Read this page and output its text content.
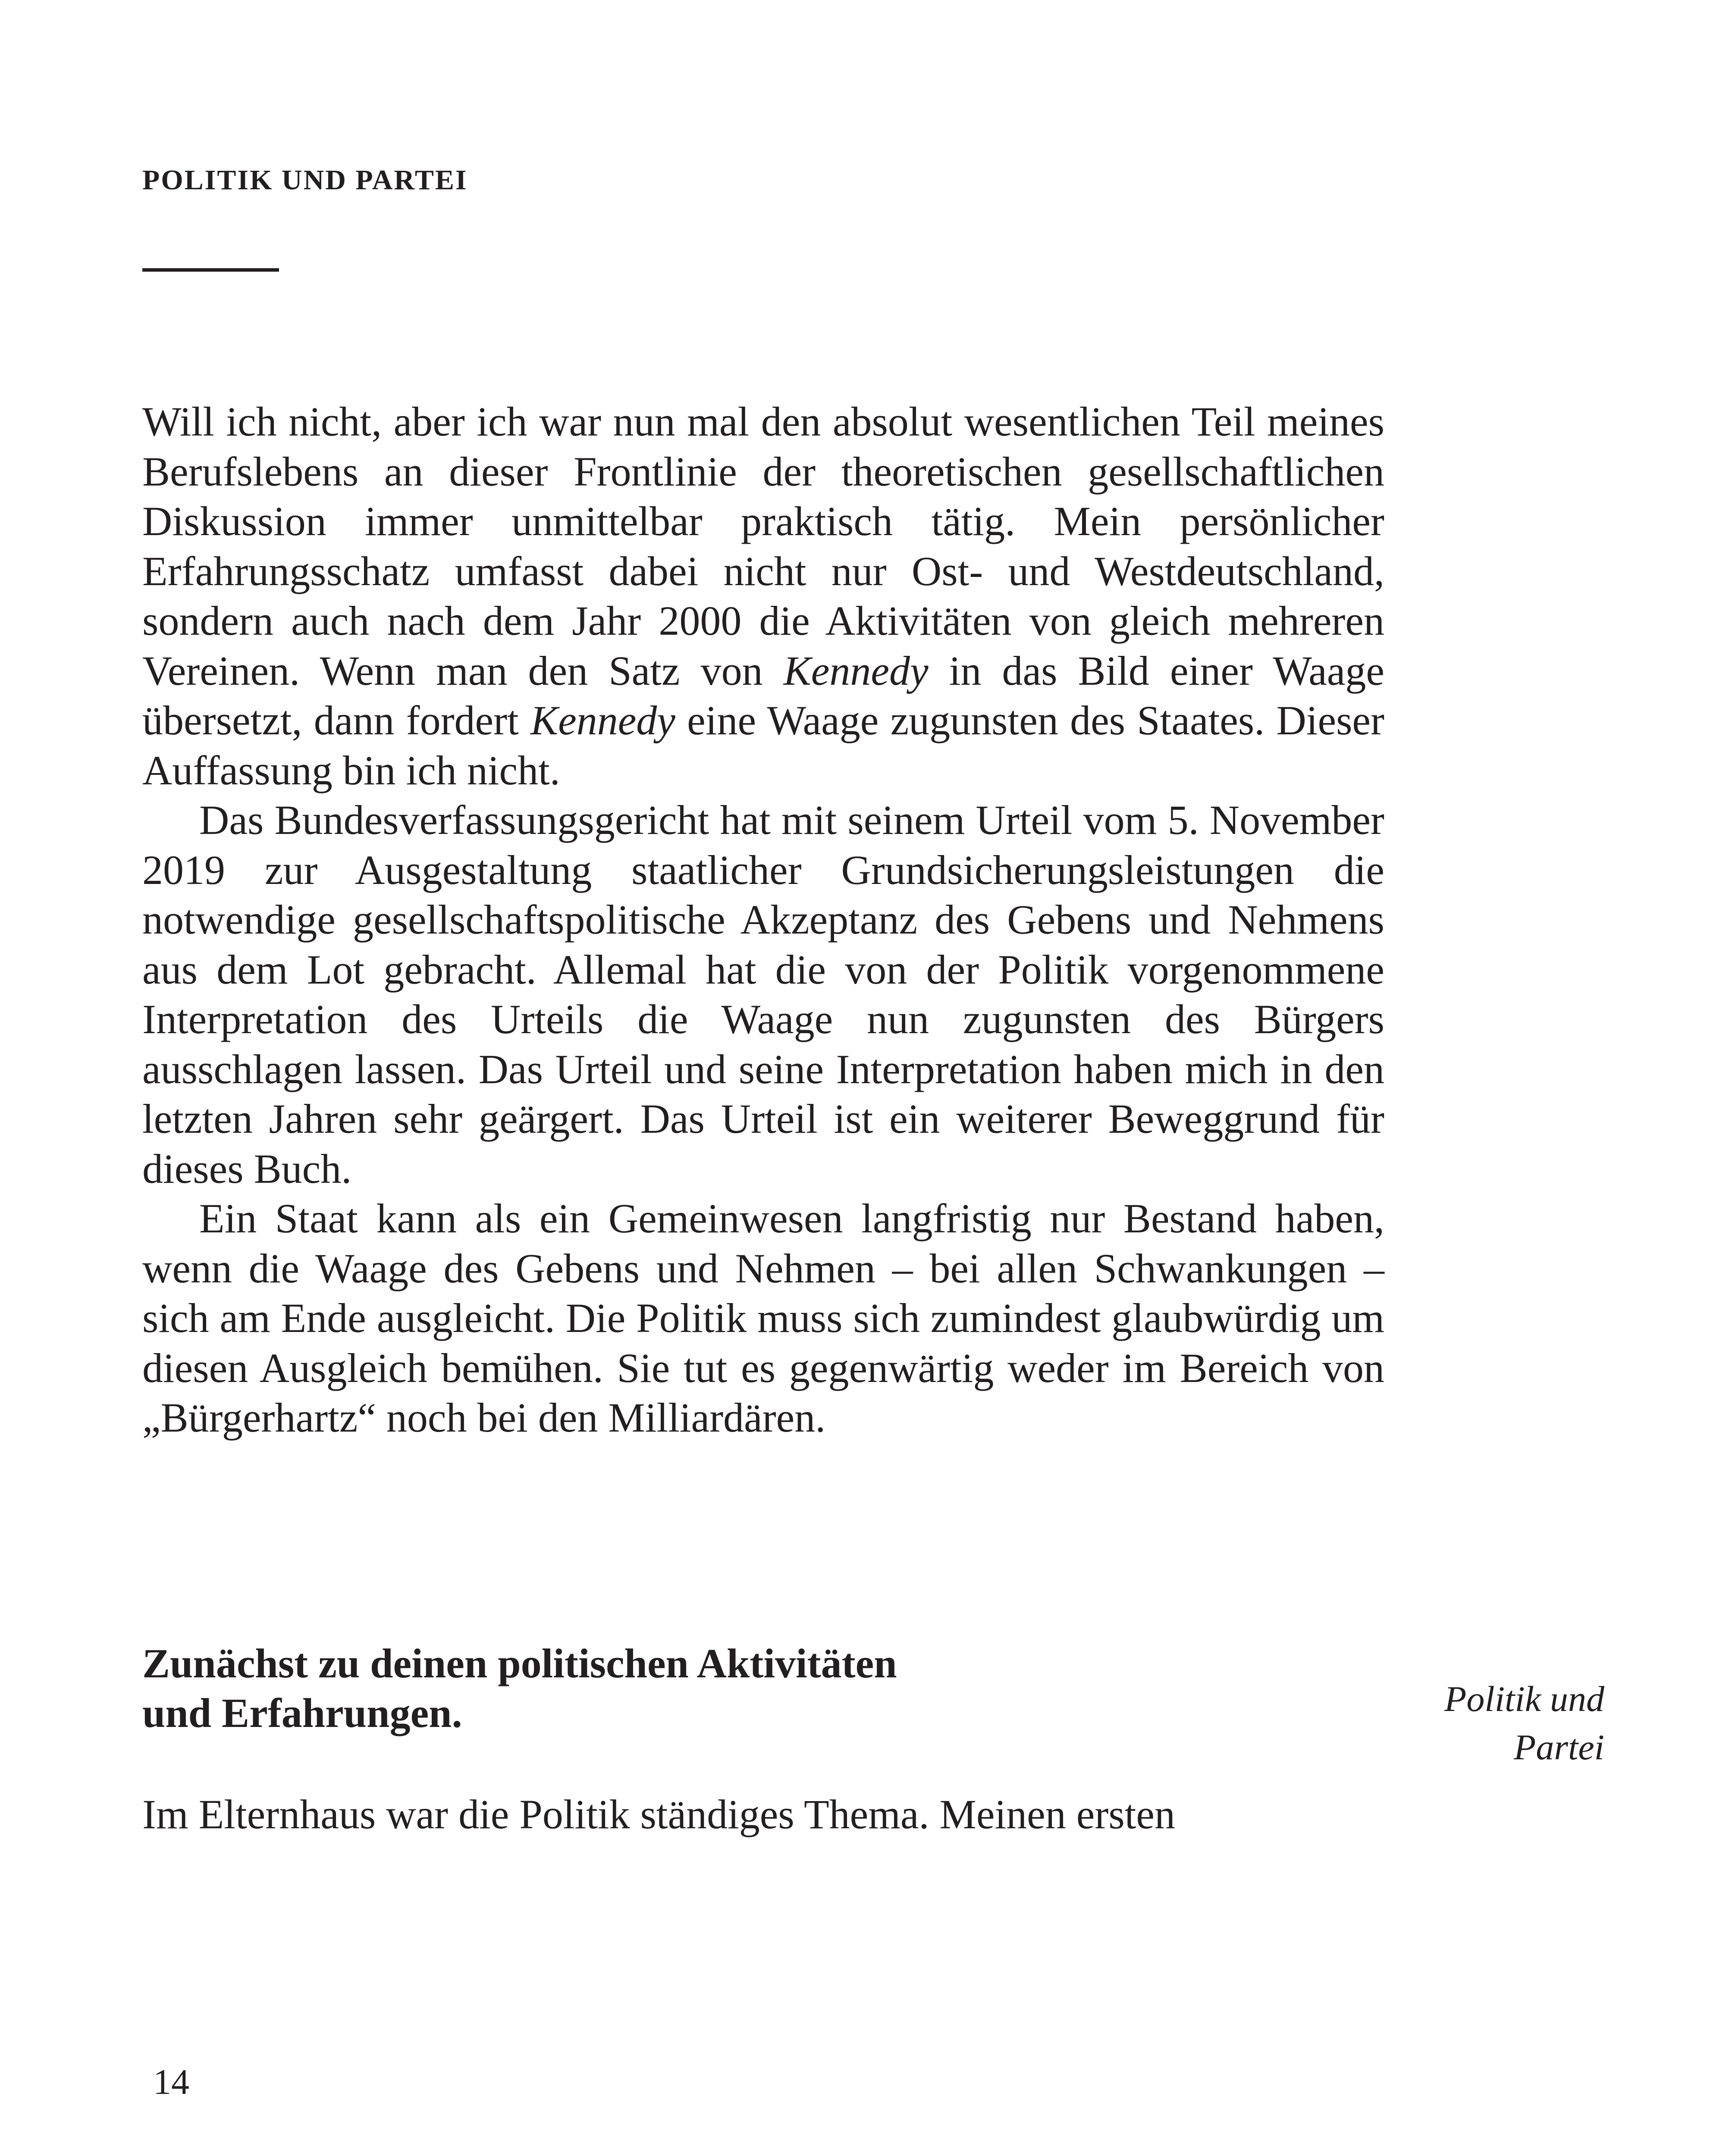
POLITIK UND PARTEI

Will ich nicht, aber ich war nun mal den absolut wesentlichen Teil meines Berufslebens an dieser Frontlinie der theoretischen gesellschaftlichen Diskussion immer unmittelbar praktisch tätig. Mein persönlicher Erfahrungsschatz umfasst dabei nicht nur Ost- und Westdeutschland, sondern auch nach dem Jahr 2000 die Aktivitäten von gleich mehreren Vereinen. Wenn man den Satz von Kennedy in das Bild einer Waage übersetzt, dann fordert Kennedy eine Waage zugunsten des Staates. Dieser Auffassung bin ich nicht.

Das Bundesverfassungsgericht hat mit seinem Urteil vom 5. November 2019 zur Ausgestaltung staatlicher Grundsicherungsleistungen die notwendige gesellschaftspolitische Akzeptanz des Gebens und Nehmens aus dem Lot gebracht. Allemal hat die von der Politik vorgenommene Interpretation des Urteils die Waage nun zugunsten des Bürgers ausschlagen lassen. Das Urteil und seine Interpretation haben mich in den letzten Jahren sehr geärgert. Das Urteil ist ein weiterer Beweggrund für dieses Buch.

Ein Staat kann als ein Gemeinwesen langfristig nur Bestand haben, wenn die Waage des Gebens und Nehmen – bei allen Schwankungen – sich am Ende ausgleicht. Die Politik muss sich zumindest glaubwürdig um diesen Ausgleich bemühen. Sie tut es gegenwärtig weder im Bereich von „Bürgerhartz“ noch bei den Milliardären.

Zunächst zu deinen politischen Aktivitäten
und Erfahrungen.	Politik und
Partei
Im Elternhaus war die Politik ständiges Thema. Meinen ersten
14
